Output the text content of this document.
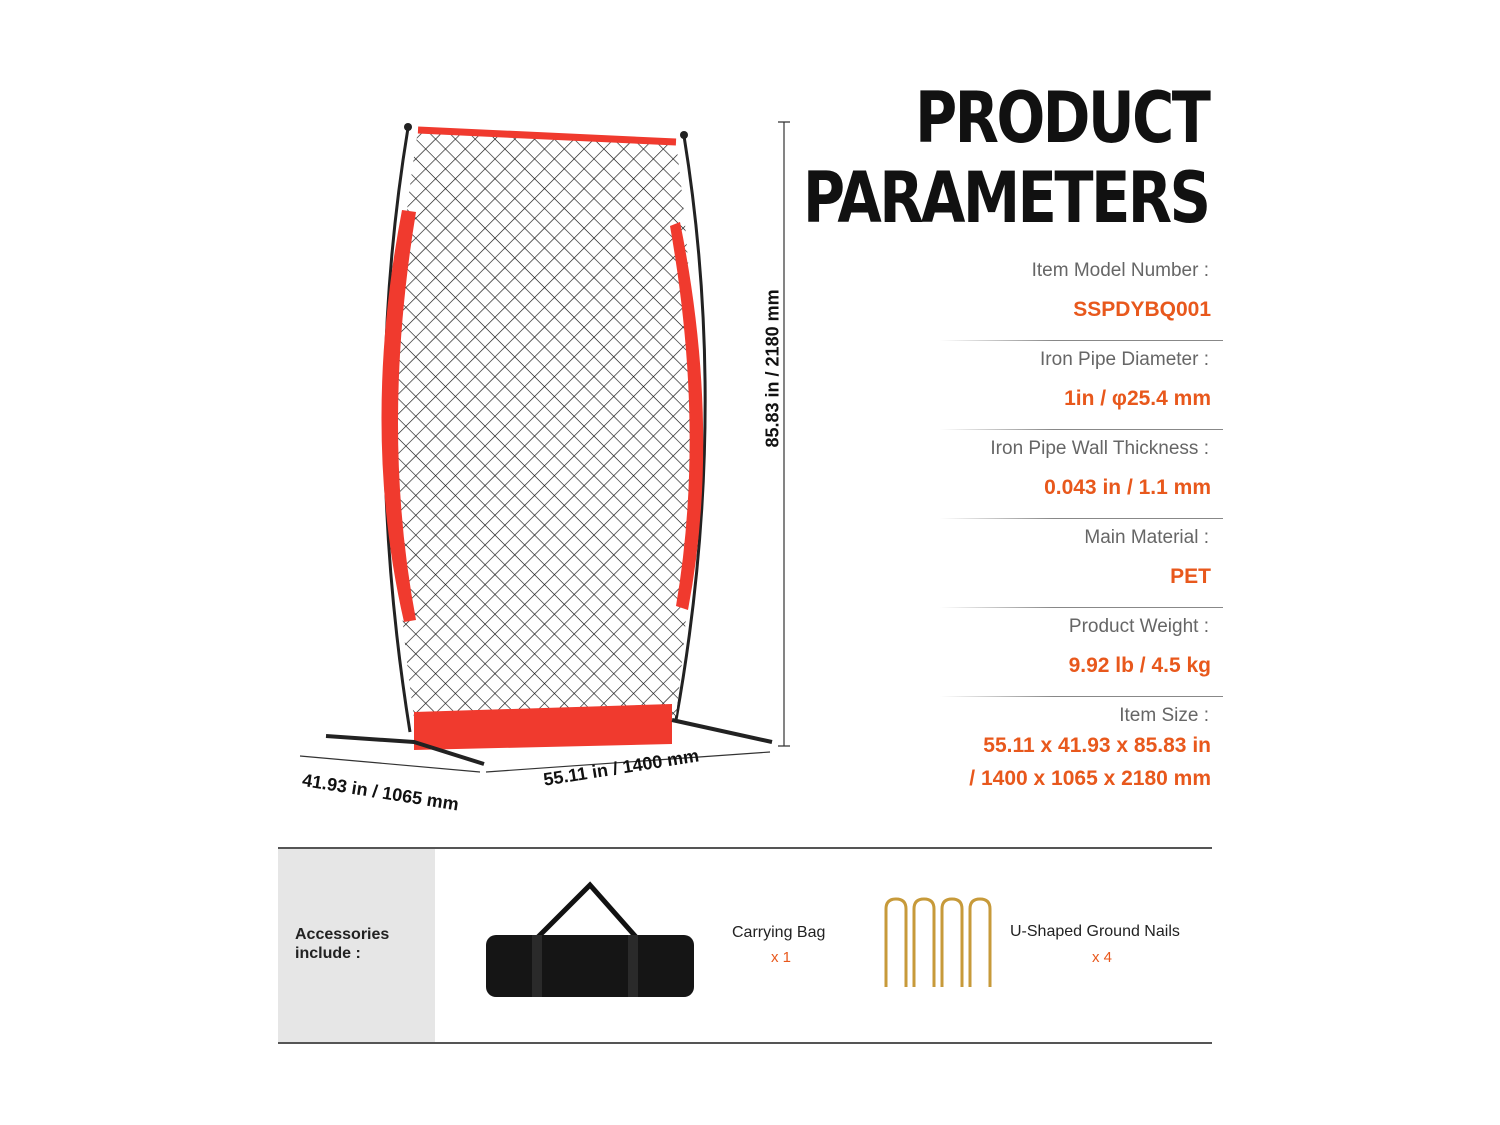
85.83 in / 2180 mm
41.93 in / 1065 mm
55.11 in / 1400 mm
PRODUCT
PARAMETERS
Item Model Number :
SSPDYBQ001
Iron Pipe Diameter :
1in / φ25.4 mm
Iron Pipe Wall Thickness :
0.043 in / 1.1 mm
Main Material :
PET
Product Weight :
9.92 lb / 4.5 kg
Item Size :
55.11 x 41.93 x 85.83 in
/ 1400 x 1065 x 2180 mm
Accessories
include :
Carrying Bag
x 1
U-Shaped Ground Nails
x 4
